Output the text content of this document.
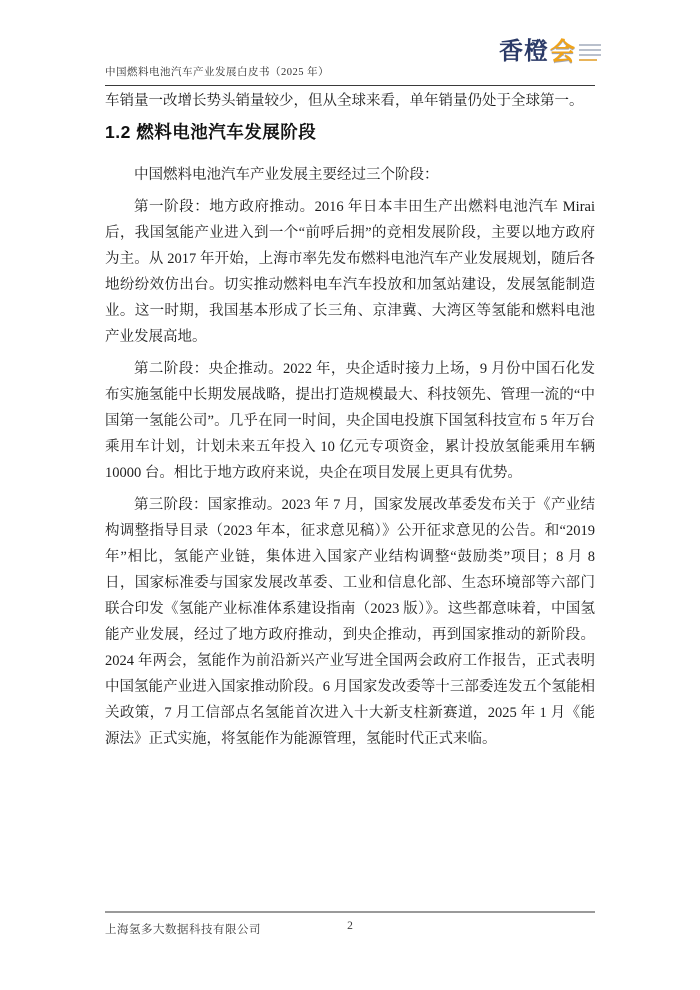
中国燃料电池汽车产业发展白皮书（2025 年）
香橙 会

车销量一改增长势头销量较少，但从全球来看，单年销量仍处于全球第一。

1.2 燃料电池汽车发展阶段

中国燃料电池汽车产业发展主要经过三个阶段：

第一阶段：地方政府推动。2016 年日本丰田生产出燃料电池汽车 Mirai 后，我国氢能产业进入到一个“前呼后拥”的竞相发展阶段，主要以地方政府为主。从 2017 年开始，上海市率先发布燃料电池汽车产业发展规划，随后各地纷纷效仿出台。切实推动燃料电车汽车投放和加氢站建设，发展氢能制造业。这一时期，我国基本形成了长三角、京津冀、大湾区等氢能和燃料电池产业发展高地。

第二阶段：央企推动。2022 年，央企适时接力上场，9 月份中国石化发布实施氢能中长期发展战略，提出打造规模最大、科技领先、管理一流的“中国第一氢能公司”。几乎在同一时间，央企国电投旗下国氢科技宣布 5 年万台乘用车计划，计划未来五年投入 10 亿元专项资金，累计投放氢能乘用车辆 10000 台。相比于地方政府来说，央企在项目发展上更具有优势。

第三阶段：国家推动。2023 年 7 月，国家发展改革委发布关于《产业结构调整指导目录（2023 年本，征求意见稿）》公开征求意见的公告。和“2019 年”相比，氢能产业链，集体进入国家产业结构调整“鼓励类”项目；8 月 8 日，国家标准委与国家发展改革委、工业和信息化部、生态环境部等六部门联合印发《氢能产业标准体系建设指南（2023 版）》。这些都意味着，中国氢能产业发展，经过了地方政府推动，到央企推动，再到国家推动的新阶段。2024 年两会，氢能作为前沿新兴产业写进全国两会政府工作报告，正式表明中国氢能产业进入国家推动阶段。6 月国家发改委等十三部委连发五个氢能相关政策，7 月工信部点名氢能首次进入十大新支柱新赛道，2025 年 1 月《能源法》正式实施，将氢能作为能源管理，氢能时代正式来临。

上海氢多大数据科技有限公司	2
